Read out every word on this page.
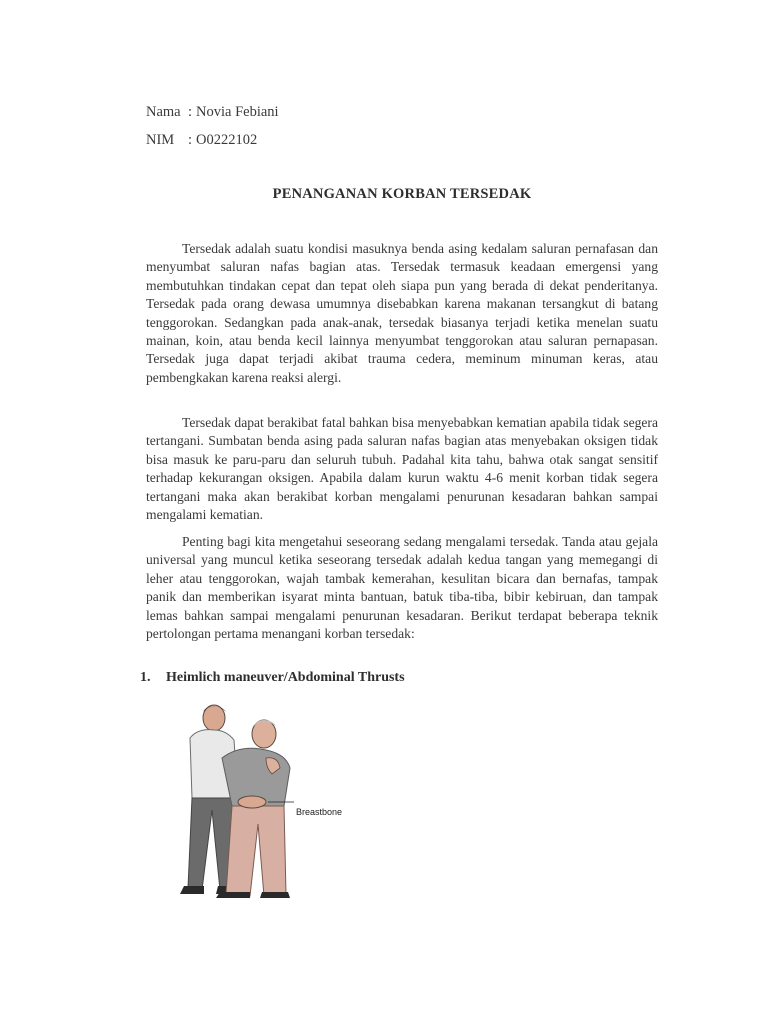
Nama : Novia Febiani
NIM : O0222102
PENANGANAN KORBAN TERSEDAK

Tersedak adalah suatu kondisi masuknya benda asing kedalam saluran pernafasan dan menyumbat saluran nafas bagian atas. Tersedak termasuk keadaan emergensi yang membutuhkan tindakan cepat dan tepat oleh siapa pun yang berada di dekat penderitanya. Tersedak pada orang dewasa umumnya disebabkan karena makanan tersangkut di batang tenggorokan. Sedangkan pada anak-anak, tersedak biasanya terjadi ketika menelan suatu mainan, koin, atau benda kecil lainnya menyumbat tenggorokan atau saluran pernapasan. Tersedak juga dapat terjadi akibat trauma cedera, meminum minuman keras, atau pembengkakan karena reaksi alergi.

Tersedak dapat berakibat fatal bahkan bisa menyebabkan kematian apabila tidak segera tertangani. Sumbatan benda asing pada saluran nafas bagian atas menyebakan oksigen tidak bisa masuk ke paru-paru dan seluruh tubuh. Padahal kita tahu, bahwa otak sangat sensitif terhadap kekurangan oksigen. Apabila dalam kurun waktu 4-6 menit korban tidak segera tertangani maka akan berakibat korban mengalami penurunan kesadaran bahkan sampai mengalami kematian.

Penting bagi kita mengetahui seseorang sedang mengalami tersedak. Tanda atau gejala universal yang muncul ketika seseorang tersedak adalah kedua tangan yang memegangi di leher atau tenggorokan, wajah tambak kemerahan, kesulitan bicara dan bernafas, tampak panik dan memberikan isyarat minta bantuan, batuk tiba-tiba, bibir kebiruan, dan tampak lemas bahkan sampai mengalami penurunan kesadaran. Berikut terdapat beberapa teknik pertolongan pertama menangani korban tersedak:

1.	Heimlich maneuver/Abdominal Thrusts
Breastbone
